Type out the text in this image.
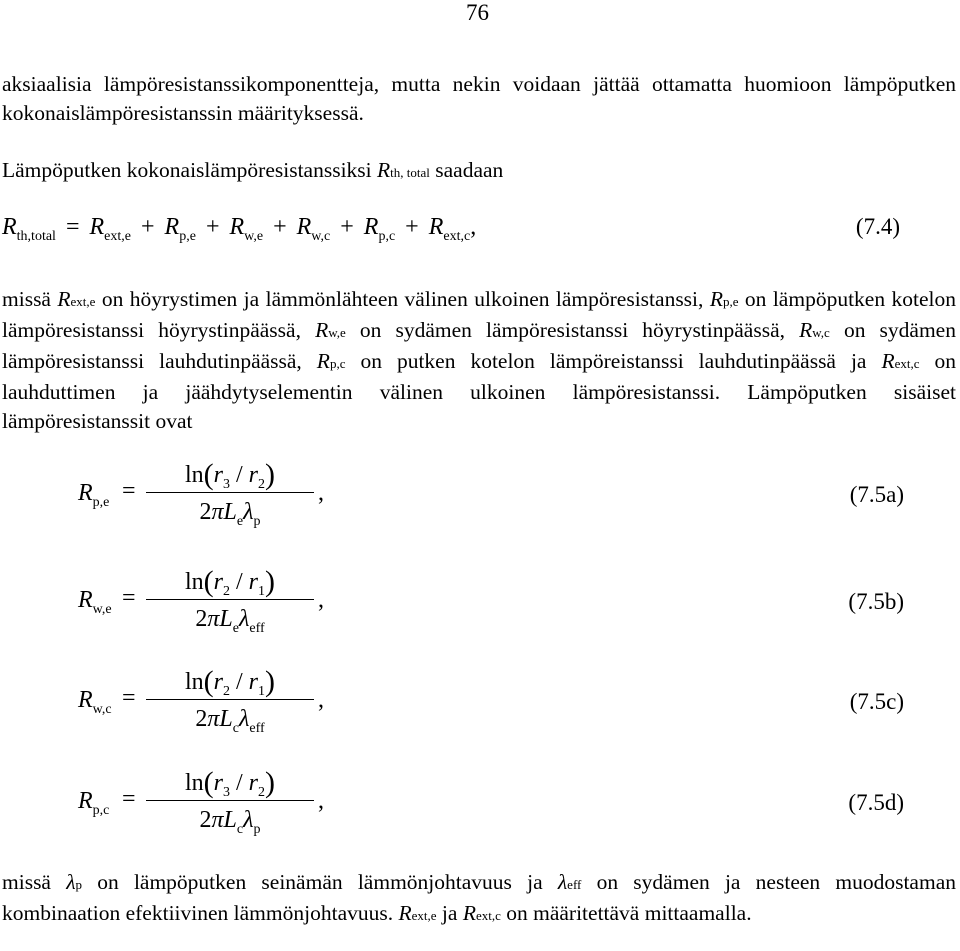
76

aksiaalisia lämpöresistanssikomponentteja, mutta nekin voidaan jättää ottamatta huomioon lämpöputken kokonaislämpöresistanssin määrityksessä.

Lämpöputken kokonaislämpöresistanssiksi Rth, total saadaan

$R_{th,total} = R_{ext,e} + R_{p,e} + R_{w,e} + R_{w,c} + R_{p,c} + R_{ext,c}$,	(7.4)

missä Rext,e on höyrystimen ja lämmönlähteen välinen ulkoinen lämpöresistanssi, Rp,e on lämpöputken kotelon lämpöresistanssi höyrystinpäässä, Rw,e on sydämen lämpöresistanssi höyrystinpäässä, Rw,c on sydämen lämpöresistanssi lauhdutinpäässä, Rp,c on putken kotelon lämpöreistanssi lauhdutinpäässä ja Rext,c on lauhduttimen ja jäähdytyselementin välinen ulkoinen lämpöresistanssi. Lämpöputken sisäiset lämpöresistanssit ovat

$R_{p,e}$ =
$\ln(r_3 / r_2)$
$2\pi L_e\lambda_p$
,	(7.5a)
$R_{w,e}$ =
$\ln(r_2 / r_1)$
$2\pi L_e\lambda_{eff}$
,	(7.5b)
$R_{w,c}$ =
$\ln(r_2 / r_1)$
$2\pi L_c\lambda_{eff}$
,	(7.5c)
$R_{p,c}$ =
$\ln(r_3 / r_2)$
$2\pi L_c\lambda_p$
,	(7.5d)

missä λp on lämpöputken seinämän lämmönjohtavuus ja λeff on sydämen ja nesteen muodostaman kombinaation efektiivinen lämmönjohtavuus. Rext,e ja Rext,c on määritettävä mittaamalla.
